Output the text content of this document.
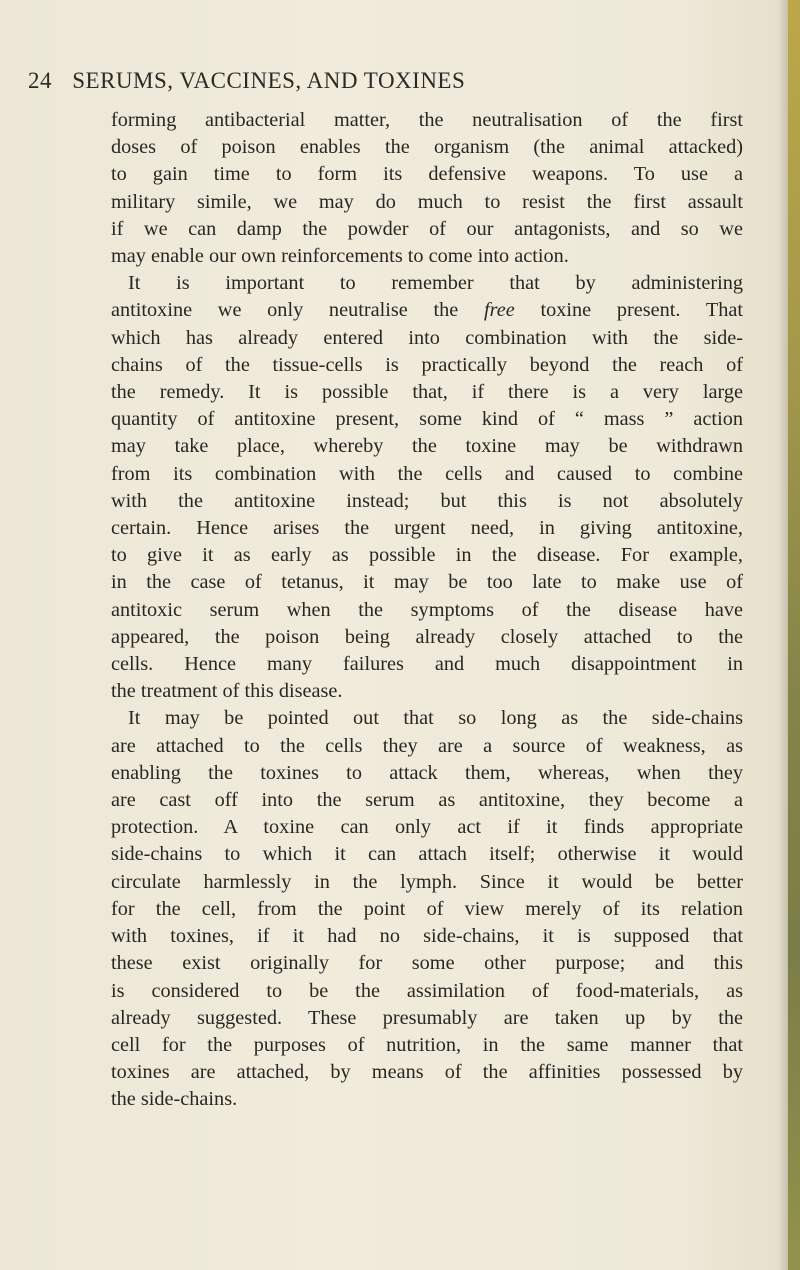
24 SERUMS, VACCINES, AND TOXINES
forming antibacterial matter, the neutralisation of the first
doses of poison enables the organism (the animal attacked)
to gain time to form its defensive weapons. To use a
military simile, we may do much to resist the first assault
if we can damp the powder of our antagonists, and so we
may enable our own reinforcements to come into action.
It is important to remember that by administering
antitoxine we only neutralise the free toxine present. That
which has already entered into combination with the side-
chains of the tissue-cells is practically beyond the reach of
the remedy. It is possible that, if there is a very large
quantity of antitoxine present, some kind of “ mass ” action
may take place, whereby the toxine may be withdrawn
from its combination with the cells and caused to combine
with the antitoxine instead; but this is not absolutely
certain. Hence arises the urgent need, in giving antitoxine,
to give it as early as possible in the disease. For example,
in the case of tetanus, it may be too late to make use of
antitoxic serum when the symptoms of the disease have
appeared, the poison being already closely attached to the
cells. Hence many failures and much disappointment in
the treatment of this disease.
It may be pointed out that so long as the side-chains
are attached to the cells they are a source of weakness, as
enabling the toxines to attack them, whereas, when they
are cast off into the serum as antitoxine, they become a
protection. A toxine can only act if it finds appropriate
side-chains to which it can attach itself; otherwise it would
circulate harmlessly in the lymph. Since it would be better
for the cell, from the point of view merely of its relation
with toxines, if it had no side-chains, it is supposed that
these exist originally for some other purpose; and this
is considered to be the assimilation of food-materials, as
already suggested. These presumably are taken up by the
cell for the purposes of nutrition, in the same manner that
toxines are attached, by means of the affinities possessed by
the side-chains.
